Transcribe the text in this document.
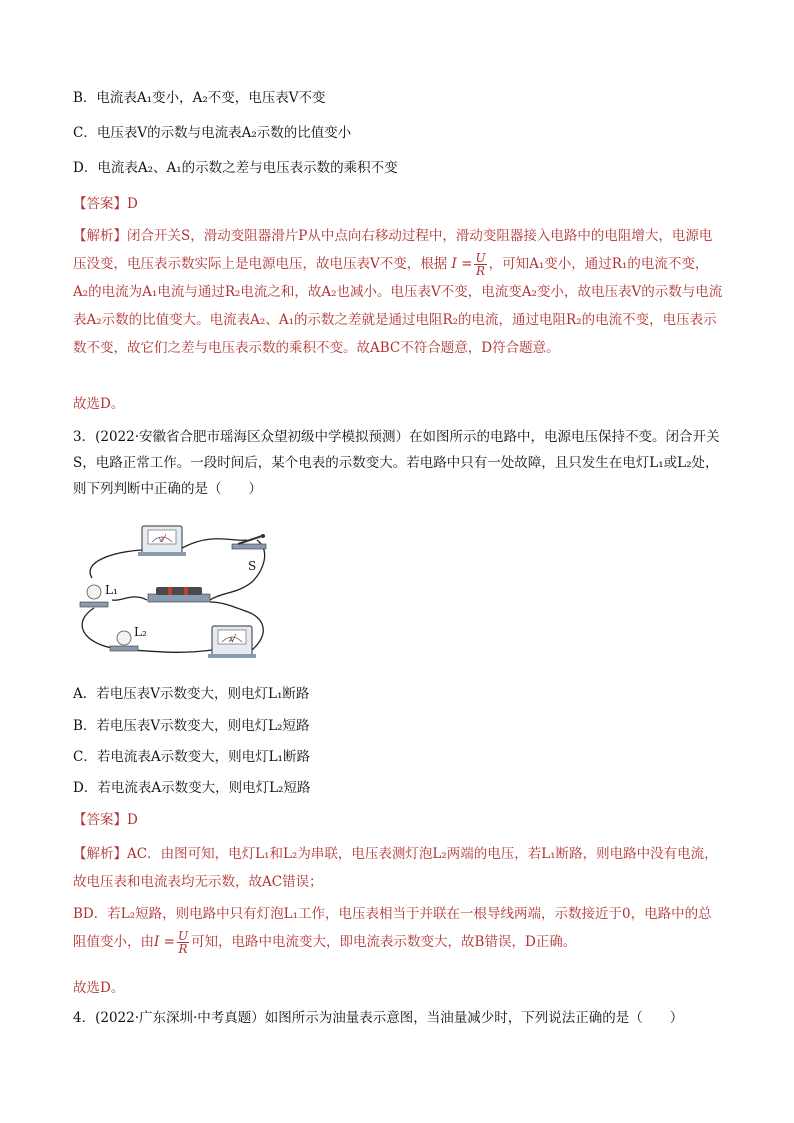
B．电流表A₁变小，A₂不变，电压表V不变
C．电压表V的示数与电流表A₂示数的比值变小
D．电流表A₂、A₁的示数之差与电压表示数的乘积不变
【答案】D
【解析】闭合开关S，滑动变阻器滑片P从中点向右移动过程中，滑动变阻器接入电路中的电阻增大，电源电压没变，电压表示数实际上是电源电压，故电压表V不变，根据 $I = \frac{U}{R}$ ，可知A₁变小，通过R₁的电流不变，A₂的电流为A₁电流与通过R₂电流之和，故A₂也减小。电压表V不变，电流变A₂变小，故电压表V的示数与电流表A₂示数的比值变大。电流表A₂、A₁的示数之差就是通过电阻R₂的电流，通过电阻R₂的电流不变，电压表示数不变，故它们之差与电压表示数的乘积不变。故ABC不符合题意，D符合题意。
故选D。
3．(2022·安徽省合肥市瑶海区众望初级中学模拟预测）在如图所示的电路中，电源电压保持不变。闭合开关S，电路正常工作。一段时间后，某个电表的示数变大。若电路中只有一处故障，且只发生在电灯L₁或L₂处，则下列判断中正确的是（　　）
V
S
L₁
L₂
A
A．若电压表V示数变大，则电灯L₁断路
B．若电压表V示数变大，则电灯L₂短路
C．若电流表A示数变大，则电灯L₁断路
D．若电流表A示数变大，则电灯L₂短路
【答案】D
【解析】AC．由图可知，电灯L₁和L₂为串联，电压表测灯泡L₂两端的电压，若L₁断路，则电路中没有电流，故电压表和电流表均无示数，故AC错误；
BD．若L₂短路，则电路中只有灯泡L₁工作，电压表相当于并联在一根导线两端，示数接近于0，电路中的总阻值变小，由$I = \frac{U}{R}$ 可知，电路中电流变大，即电流表示数变大，故B错误，D正确。
故选D。
4．(2022·广东深圳·中考真题）如图所示为油量表示意图，当油量减少时，下列说法正确的是（　　）
